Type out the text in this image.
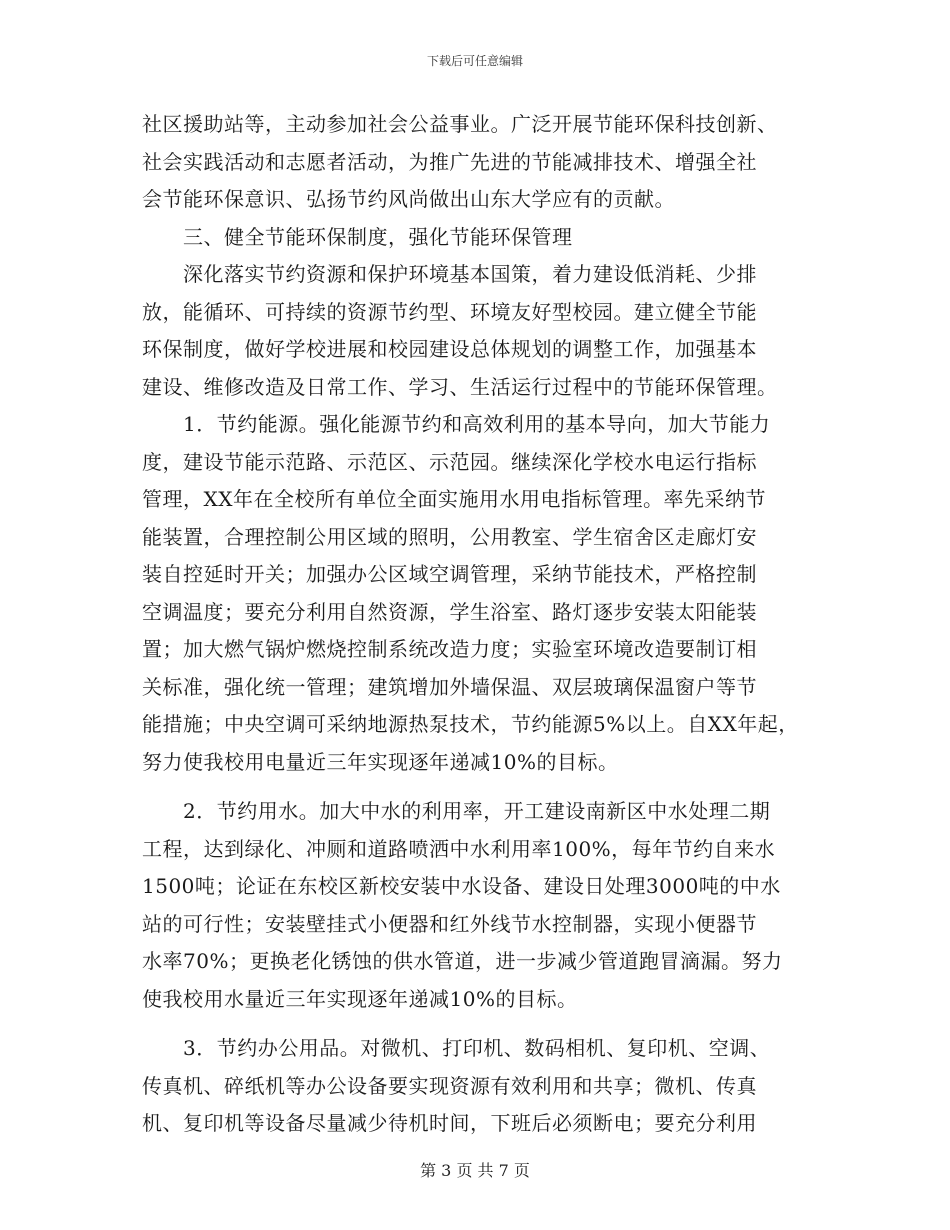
下载后可任意编辑
社区援助站等，主动参加社会公益事业。广泛开展节能环保科技创新、
社会实践活动和志愿者活动，为推广先进的节能减排技术、增强全社
会节能环保意识、弘扬节约风尚做出山东大学应有的贡献。
　　三、健全节能环保制度，强化节能环保管理
　　深化落实节约资源和保护环境基本国策，着力建设低消耗、少排
放，能循环、可持续的资源节约型、环境友好型校园。建立健全节能
环保制度，做好学校进展和校园建设总体规划的调整工作，加强基本
建设、维修改造及日常工作、学习、生活运行过程中的节能环保管理。
　　1．节约能源。强化能源节约和高效利用的基本导向，加大节能力
度，建设节能示范路、示范区、示范园。继续深化学校水电运行指标
管理，XX年在全校所有单位全面实施用水用电指标管理。率先采纳节
能装置，合理控制公用区域的照明，公用教室、学生宿舍区走廊灯安
装自控延时开关；加强办公区域空调管理，采纳节能技术，严格控制
空调温度；要充分利用自然资源，学生浴室、路灯逐步安装太阳能装
置；加大燃气锅炉燃烧控制系统改造力度；实验室环境改造要制订相
关标准，强化统一管理；建筑增加外墙保温、双层玻璃保温窗户等节
能措施；中央空调可采纳地源热泵技术，节约能源5%以上。自XX年起，
努力使我校用电量近三年实现逐年递减10%的目标。
　　2．节约用水。加大中水的利用率，开工建设南新区中水处理二期
工程，达到绿化、冲厕和道路喷洒中水利用率100%，每年节约自来水
1500吨；论证在东校区新校安装中水设备、建设日处理3000吨的中水
站的可行性；安装壁挂式小便器和红外线节水控制器，实现小便器节
水率70%；更换老化锈蚀的供水管道，进一步减少管道跑冒滴漏。努力
使我校用水量近三年实现逐年递减10%的目标。
　　3．节约办公用品。对微机、打印机、数码相机、复印机、空调、
传真机、碎纸机等办公设备要实现资源有效利用和共享；微机、传真
机、复印机等设备尽量减少待机时间，下班后必须断电；要充分利用
第 3 页 共 7 页
